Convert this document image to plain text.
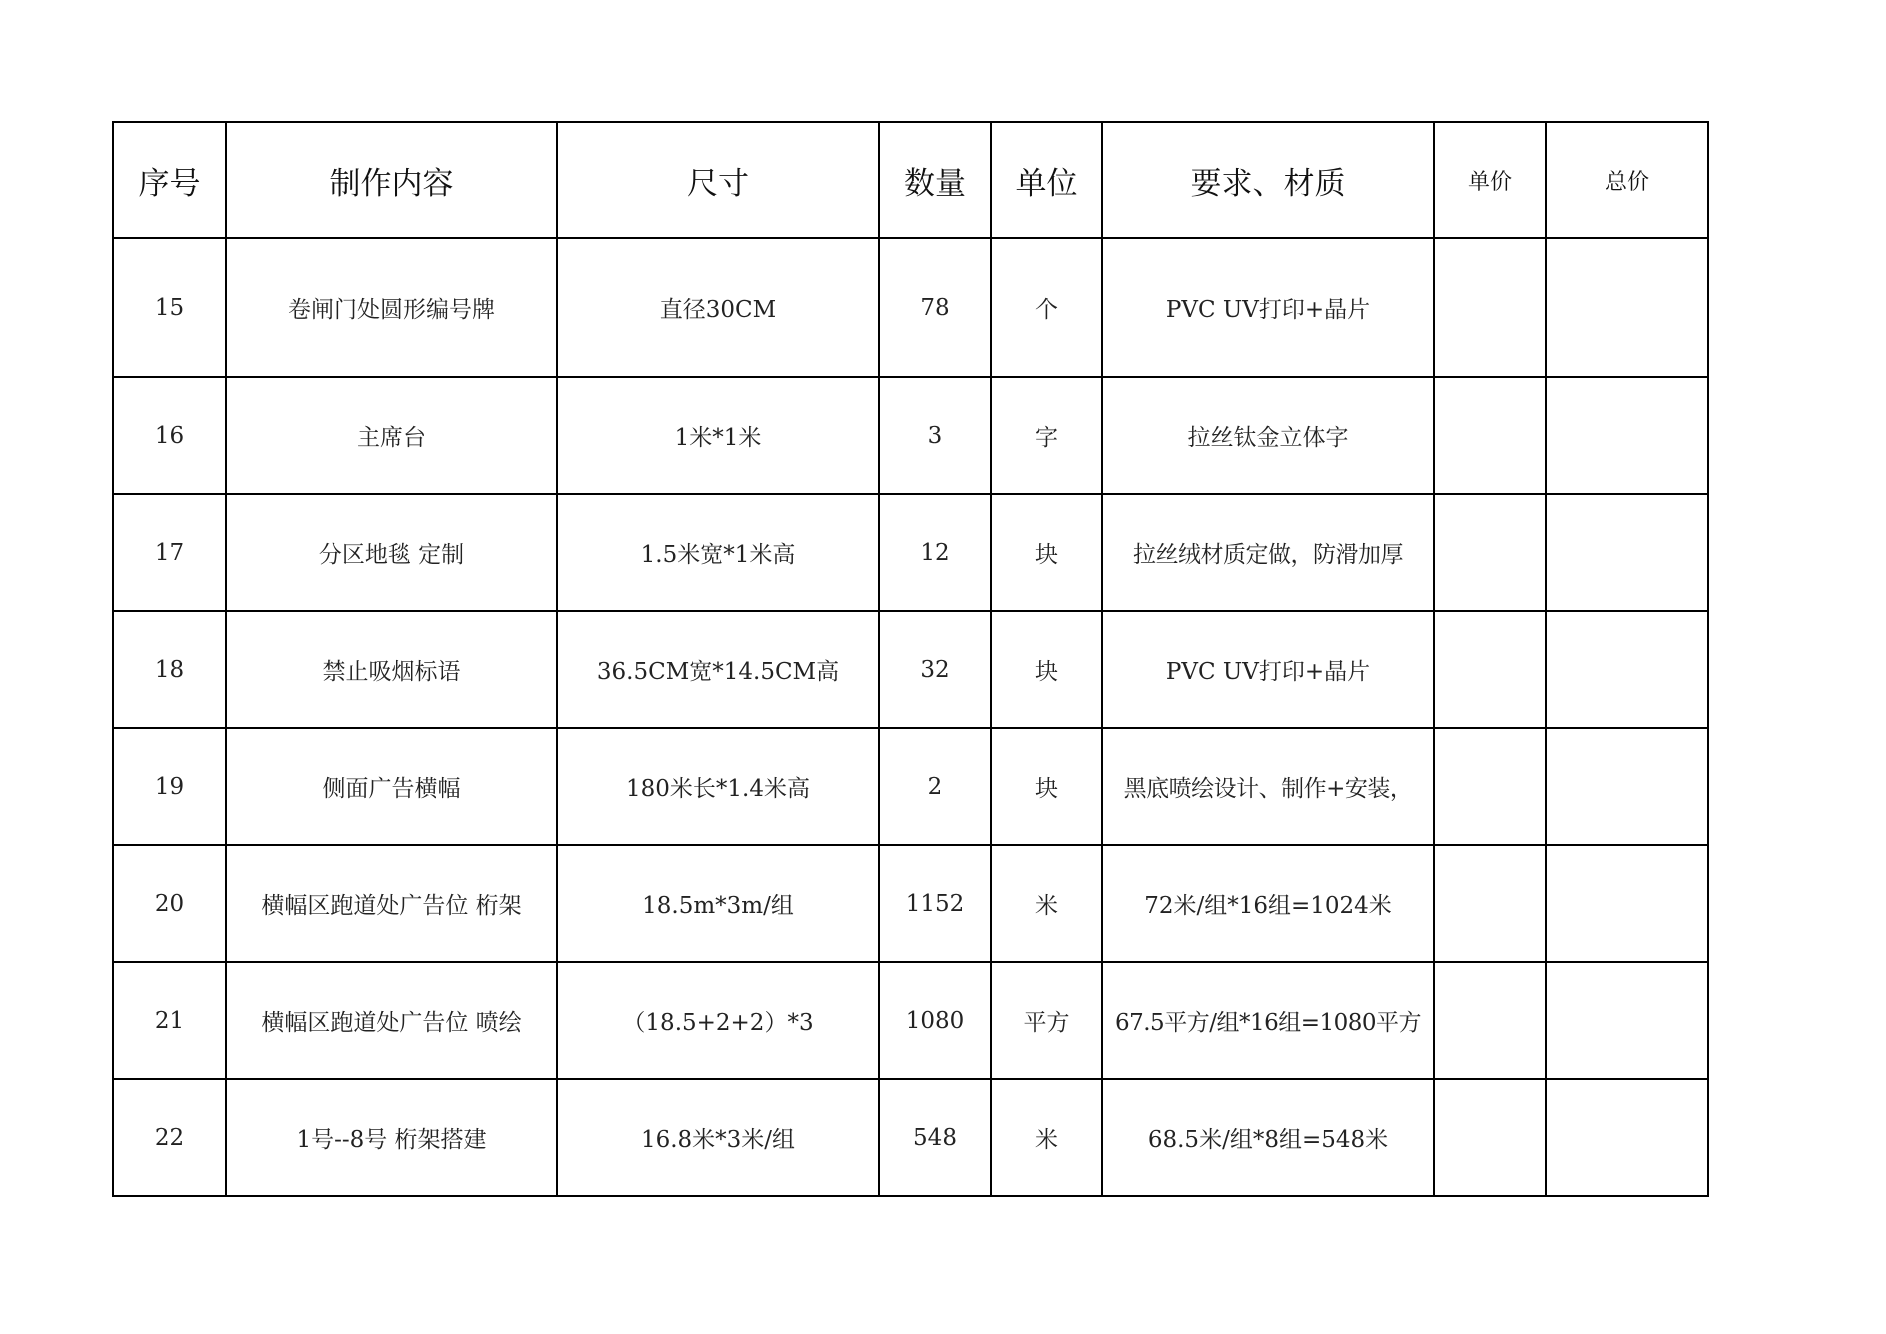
序号	制作内容	尺寸	数量	单位	要求、材质	单价	总价
15	卷闸门处圆形编号牌	直径30CM	78	个	PVC UV打印+晶片		
16	主席台	1米*1米	3	字	拉丝钛金立体字		
17	分区地毯 定制	1.5米宽*1米高	12	块	拉丝绒材质定做，防滑加厚		
18	禁止吸烟标语	36.5CM宽*14.5CM高	32	块	PVC UV打印+晶片		
19	侧面广告横幅	180米长*1.4米高	2	块	黑底喷绘设计、制作+安装，		
20	横幅区跑道处广告位 桁架	18.5m*3m/组	1152	米	72米/组*16组=1024米		
21	横幅区跑道处广告位 喷绘	（18.5+2+2）*3	1080	平方	67.5平方/组*16组=1080平方		
22	1号--8号 桁架搭建	16.8米*3米/组	548	米	68.5米/组*8组=548米		
